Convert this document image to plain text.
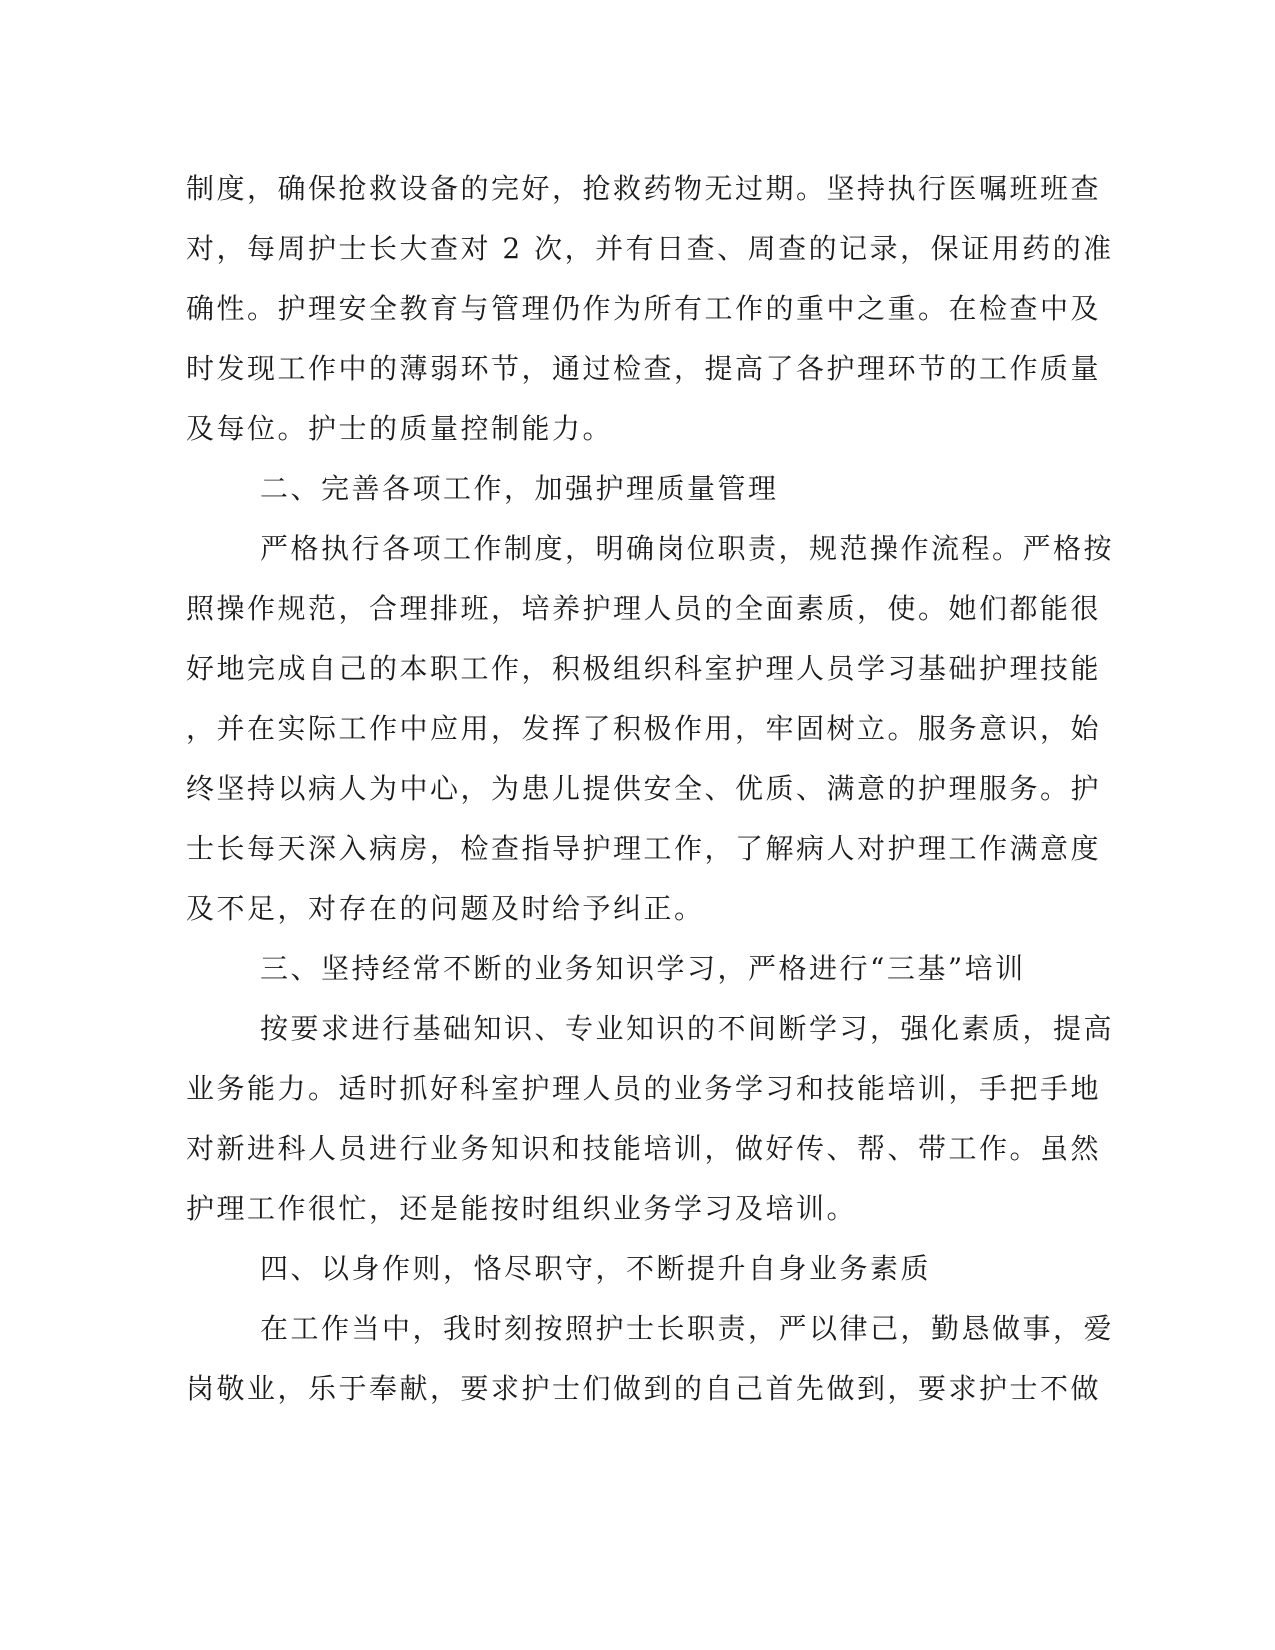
制度，确保抢救设备的完好，抢救药物无过期。坚持执行医嘱班班查
对，每周护士长大查对 2 次，并有日查、周查的记录，保证用药的准
确性。护理安全教育与管理仍作为所有工作的重中之重。在检查中及
时发现工作中的薄弱环节，通过检查，提高了各护理环节的工作质量
及每位。护士的质量控制能力。
二、完善各项工作，加强护理质量管理
严格执行各项工作制度，明确岗位职责，规范操作流程。严格按
照操作规范，合理排班，培养护理人员的全面素质，使。她们都能很
好地完成自己的本职工作，积极组织科室护理人员学习基础护理技能
，并在实际工作中应用，发挥了积极作用，牢固树立。服务意识，始
终坚持以病人为中心，为患儿提供安全、优质、满意的护理服务。护
士长每天深入病房，检查指导护理工作，了解病人对护理工作满意度
及不足，对存在的问题及时给予纠正。
三、坚持经常不断的业务知识学习，严格进行“三基”培训
按要求进行基础知识、专业知识的不间断学习，强化素质，提高
业务能力。适时抓好科室护理人员的业务学习和技能培训，手把手地
对新进科人员进行业务知识和技能培训，做好传、帮、带工作。虽然
护理工作很忙，还是能按时组织业务学习及培训。
四、以身作则，恪尽职守，不断提升自身业务素质
在工作当中，我时刻按照护士长职责，严以律己，勤恳做事，爱
岗敬业，乐于奉献，要求护士们做到的自己首先做到，要求护士不做
